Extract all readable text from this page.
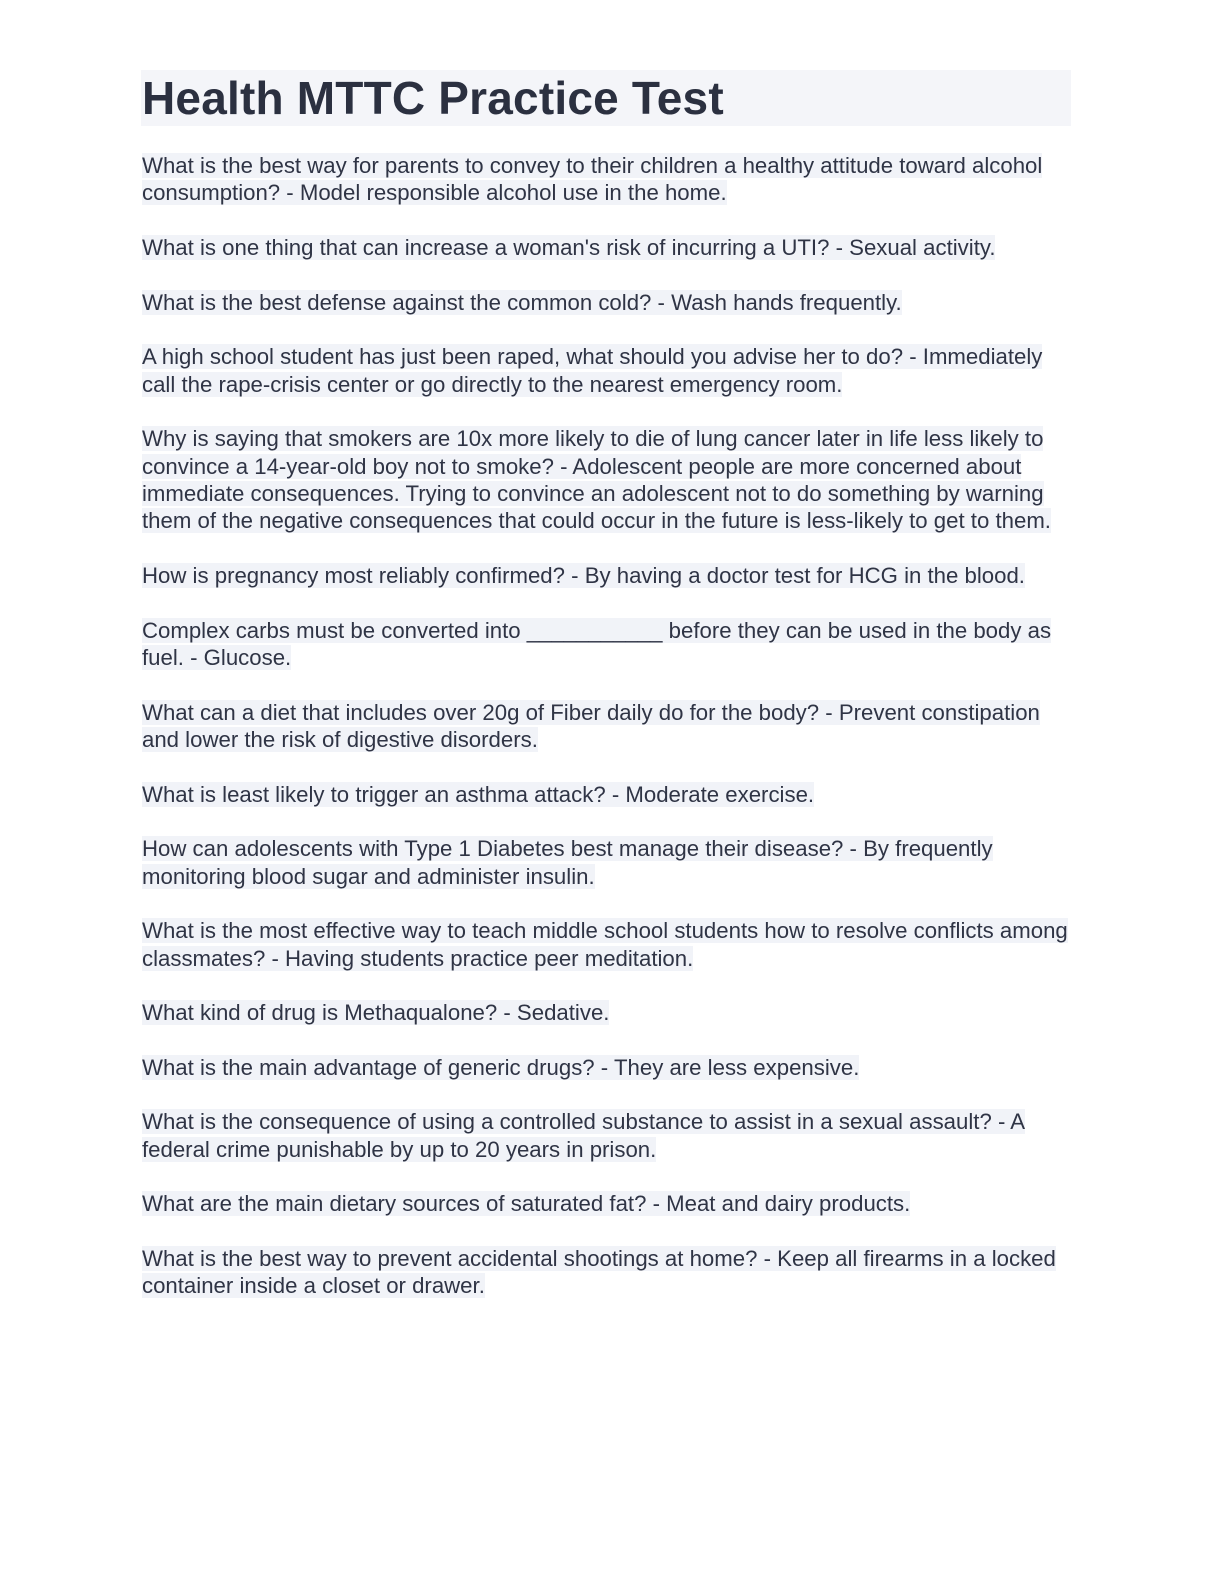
Health MTTC Practice Test

What is the best way for parents to convey to their children a healthy attitude toward alcohol consumption? - Model responsible alcohol use in the home.

What is one thing that can increase a woman's risk of incurring a UTI? - Sexual activity.

What is the best defense against the common cold? - Wash hands frequently.

A high school student has just been raped, what should you advise her to do? - Immediately call the rape-crisis center or go directly to the nearest emergency room.

Why is saying that smokers are 10x more likely to die of lung cancer later in life less likely to convince a 14-year-old boy not to smoke? - Adolescent people are more concerned about immediate consequences. Trying to convince an adolescent not to do something by warning them of the negative consequences that could occur in the future is less-likely to get to them.

How is pregnancy most reliably confirmed? - By having a doctor test for HCG in the blood.

Complex carbs must be converted into ___________ before they can be used in the body as fuel. - Glucose.

What can a diet that includes over 20g of Fiber daily do for the body? - Prevent constipation and lower the risk of digestive disorders.

What is least likely to trigger an asthma attack? - Moderate exercise.

How can adolescents with Type 1 Diabetes best manage their disease? - By frequently monitoring blood sugar and administer insulin.

What is the most effective way to teach middle school students how to resolve conflicts among classmates? - Having students practice peer meditation.

What kind of drug is Methaqualone? - Sedative.

What is the main advantage of generic drugs? - They are less expensive.

What is the consequence of using a controlled substance to assist in a sexual assault? - A federal crime punishable by up to 20 years in prison.

What are the main dietary sources of saturated fat? - Meat and dairy products.

What is the best way to prevent accidental shootings at home? - Keep all firearms in a locked container inside a closet or drawer.
